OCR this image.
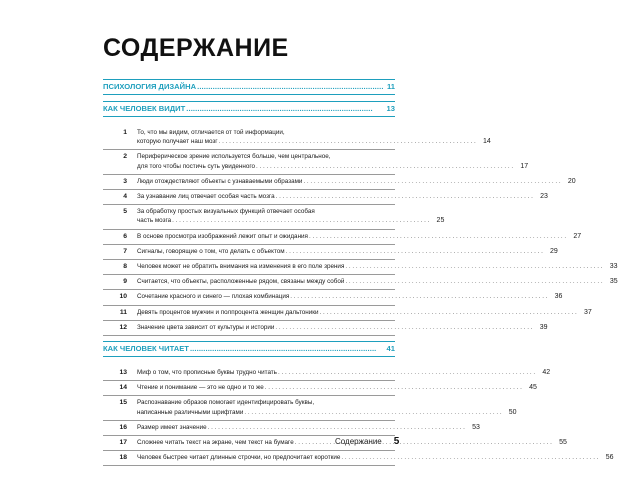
СОДЕРЖАНИЕ
ПСИХОЛОГИЯ ДИЗАЙНА . . .	11
КАК ЧЕЛОВЕК ВИДИТ . . .	13
1	То, что мы видим, отличается от той информации,
которую получает наш мозг . . .	14
2	Периферическое зрение используется больше, чем центральное,
для того чтобы постичь суть увиденного . . .	17
3	Люди отождествляют объекты с узнаваемыми образами . . .	20
4	За узнавание лиц отвечает особая часть мозга . . .	23
5	За обработку простых визуальных функций отвечает особая
часть мозга . . .	25
6	В основе просмотра изображений лежит опыт и ожидания . . .	27
7	Сигналы, говорящие о том, что делать с объектом . . .	29
8	Человек может не обратить внимания на изменения в его поле зрения . . .	33
9	Считается, что объекты, расположенные рядом, связаны между собой . . .	35
10	Сочетание красного и синего — плохая комбинация . . .	36
11	Девять процентов мужчин и полпроцента женщин дальтоники . . .	37
12	Значение цвета зависит от культуры и истории . . .	39
КАК ЧЕЛОВЕК ЧИТАЕТ . . .	41
13	Миф о том, что прописные буквы трудно читать . . .	42
14	Чтение и понимание — это не одно и то же . . .	45
15	Распознавание образов помогает идентифицировать буквы,
написанные различными шрифтами . . .	50
16	Размер имеет значение . . .	53
17	Сложнее читать текст на экране, чем текст на бумаге . . .	55
18	Человек быстрее читает длинные строчки, но предпочитает короткие . . .	56
Содержание 5
